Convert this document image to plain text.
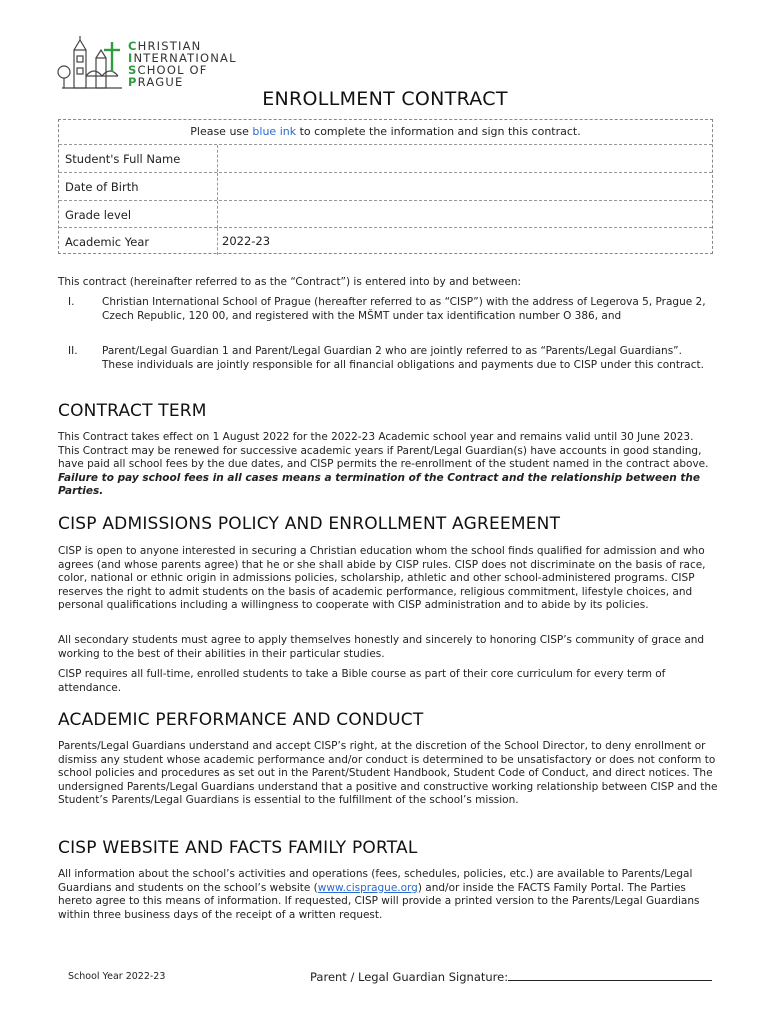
CHRISTIAN
INTERNATIONAL
SCHOOL OF
PRAGUE
ENROLLMENT CONTRACT
Please use blue ink to complete the information and sign this contract.
Student's Full Name
Date of Birth
Grade level
Academic Year	2022-23
This contract (hereinafter referred to as the “Contract”) is entered into by and between:
I.	Christian International School of Prague (hereafter referred to as “CISP”) with the address of Legerova 5, Prague 2, Czech Republic, 120 00, and registered with the MŠMT under tax identification number O 386, and
II. Parent/Legal Guardian 1 and Parent/Legal Guardian 2 who are jointly referred to as “Parents/Legal Guardians”. These individuals are jointly responsible for all financial obligations and payments due to CISP under this contract.
CONTRACT TERM
This Contract takes effect on 1 August 2022 for the 2022-23 Academic school year and remains valid until 30 June 2023. This Contract may be renewed for successive academic years if Parent/Legal Guardian(s) have accounts in good standing, have paid all school fees by the due dates, and CISP permits the re-enrollment of the student named in the contract above. Failure to pay school fees in all cases means a termination of the Contract and the relationship between the Parties.
CISP ADMISSIONS POLICY AND ENROLLMENT AGREEMENT
CISP is open to anyone interested in securing a Christian education whom the school finds qualified for admission and who agrees (and whose parents agree) that he or she shall abide by CISP rules. CISP does not discriminate on the basis of race, color, national or ethnic origin in admissions policies, scholarship, athletic and other school-administered programs. CISP reserves the right to admit students on the basis of academic performance, religious commitment, lifestyle choices, and personal qualifications including a willingness to cooperate with CISP administration and to abide by its policies.
All secondary students must agree to apply themselves honestly and sincerely to honoring CISP’s community of grace and working to the best of their abilities in their particular studies.
CISP requires all full-time, enrolled students to take a Bible course as part of their core curriculum for every term of attendance.
ACADEMIC PERFORMANCE AND CONDUCT
Parents/Legal Guardians understand and accept CISP’s right, at the discretion of the School Director, to deny enrollment or dismiss any student whose academic performance and/or conduct is determined to be unsatisfactory or does not conform to school policies and procedures as set out in the Parent/Student Handbook, Student Code of Conduct, and direct notices. The undersigned Parents/Legal Guardians understand that a positive and constructive working relationship between CISP and the Student’s Parents/Legal Guardians is essential to the fulfillment of the school’s mission.
CISP WEBSITE AND FACTS FAMILY PORTAL
All information about the school’s activities and operations (fees, schedules, policies, etc.) are available to Parents/Legal Guardians and students on the school’s website (www.cisprague.org) and/or inside the FACTS Family Portal. The Parties hereto agree to this means of information. If requested, CISP will provide a printed version to the Parents/Legal Guardians within three business days of the receipt of a written request.
School Year 2022-23	Parent / Legal Guardian Signature:
